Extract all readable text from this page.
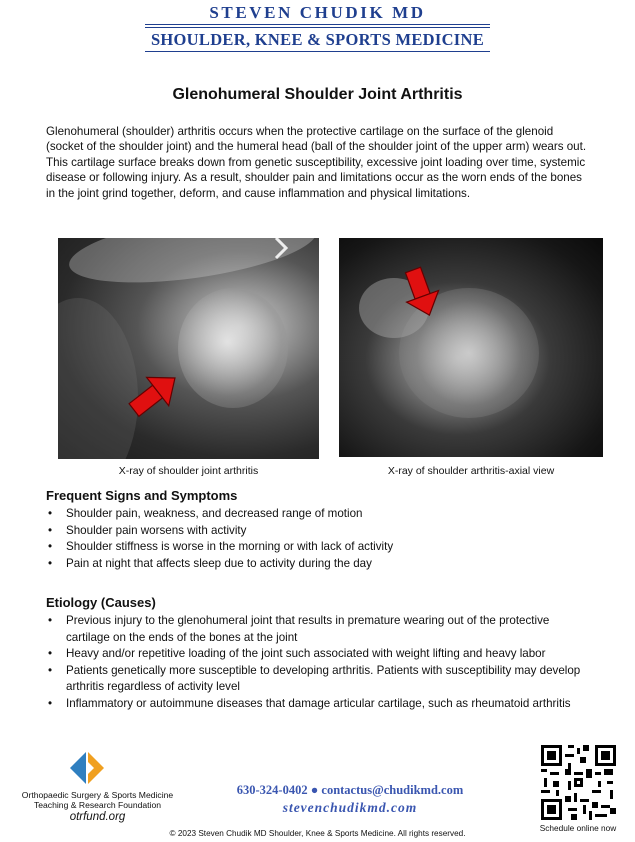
STEVEN CHUDIK MD
SHOULDER, KNEE & SPORTS MEDICINE
Glenohumeral Shoulder Joint Arthritis

Glenohumeral (shoulder) arthritis occurs when the protective cartilage on the surface of the glenoid (socket of the shoulder joint) and the humeral head (ball of the shoulder joint of the upper arm) wears out. This cartilage surface breaks down from genetic susceptibility, excessive joint loading over time, systemic disease or following injury. As a result, shoulder pain and limitations occur as the worn ends of the bones in the joint grind together, deform, and cause inflammation and physical limitations.

X-ray of shoulder joint arthritis	X-ray of shoulder arthritis-axial view
Frequent Signs and Symptoms
• Shoulder pain, weakness, and decreased range of motion
• Shoulder pain worsens with activity
• Shoulder stiffness is worse in the morning or with lack of activity
• Pain at night that affects sleep due to activity during the day
Etiology (Causes)
• Previous injury to the glenohumeral joint that results in premature wearing out of the protective cartilage on the ends of the bones at the joint
• Heavy and/or repetitive loading of the joint such associated with weight lifting and heavy labor
• Patients genetically more susceptible to developing arthritis. Patients with susceptibility may develop arthritis regardless of activity level
• Inflammatory or autoimmune diseases that damage articular cartilage, such as rheumatoid arthritis
Orthopaedic Surgery & Sports Medicine
Teaching & Research Foundation
otrfund.org
630-324-0402 ● contactus@chudikmd.com
stevenchudikmd.com
Schedule online now
© 2023 Steven Chudik MD Shoulder, Knee & Sports Medicine. All rights reserved.
